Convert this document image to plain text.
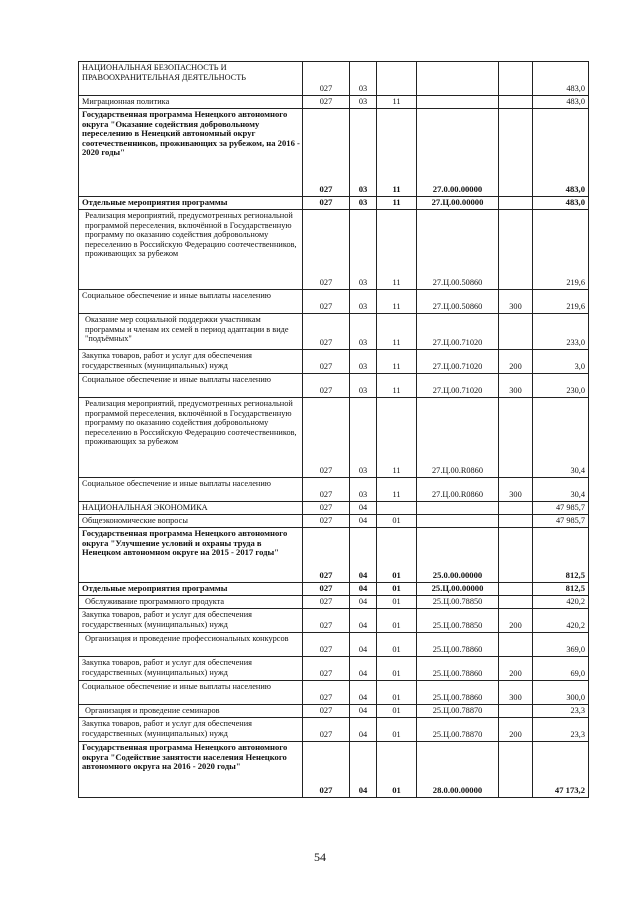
НАЦИОНАЛЬНАЯ БЕЗОПАСНОСТЬ И ПРАВООХРАНИТЕЛЬНАЯ ДЕЯТЕЛЬНОСТЬ	027	03				483,0
Миграционная политика	027	03	11			483,0
Государственная программа Ненецкого автономного округа "Оказание содействия добровольному переселению в Ненецкий автономный округ соотечественников, проживающих за рубежом, на 2016 - 2020 годы"	027	03	11	27.0.00.00000		483,0
Отдельные мероприятия программы	027	03	11	27.Ц.00.00000		483,0
Реализация мероприятий, предусмотренных региональной программой переселения, включённой в Государственную программу по оказанию содействия добровольному переселению в Российскую Федерацию соотечественников, проживающих за рубежом	027	03	11	27.Ц.00.50860		219,6
Социальное обеспечение и иные выплаты населению	027	03	11	27.Ц.00.50860	300	219,6
Оказание мер социальной поддержки участникам программы и членам их семей в период адаптации в виде "подъёмных"	027	03	11	27.Ц.00.71020		233,0
Закупка товаров, работ и услуг для обеспечения государственных (муниципальных) нужд	027	03	11	27.Ц.00.71020	200	3,0
Социальное обеспечение и иные выплаты населению	027	03	11	27.Ц.00.71020	300	230,0
Реализация мероприятий, предусмотренных региональной программой переселения, включённой в Государственную программу по оказанию содействия добровольному переселению в Российскую Федерацию соотечественников, проживающих за рубежом	027	03	11	27.Ц.00.R0860		30,4
Социальное обеспечение и иные выплаты населению	027	03	11	27.Ц.00.R0860	300	30,4
НАЦИОНАЛЬНАЯ ЭКОНОМИКА	027	04				47 985,7
Общеэкономические вопросы	027	04	01			47 985,7
Государственная программа Ненецкого автономного округа "Улучшение условий и охраны труда в Ненецком автономном округе на 2015 - 2017 годы"	027	04	01	25.0.00.00000		812,5
Отдельные мероприятия программы	027	04	01	25.Ц.00.00000		812,5
Обслуживание программного продукта	027	04	01	25.Ц.00.78850		420,2
Закупка товаров, работ и услуг для обеспечения государственных (муниципальных) нужд	027	04	01	25.Ц.00.78850	200	420,2
Организация и проведение профессиональных конкурсов	027	04	01	25.Ц.00.78860		369,0
Закупка товаров, работ и услуг для обеспечения государственных (муниципальных) нужд	027	04	01	25.Ц.00.78860	200	69,0
Социальное обеспечение и иные выплаты населению	027	04	01	25.Ц.00.78860	300	300,0
Организация и проведение семинаров	027	04	01	25.Ц.00.78870		23,3
Закупка товаров, работ и услуг для обеспечения государственных (муниципальных) нужд	027	04	01	25.Ц.00.78870	200	23,3
Государственная программа Ненецкого автономного округа "Содействие занятости населения Ненецкого автономного округа на 2016 - 2020 годы"	027	04	01	28.0.00.00000		47 173,2
54
